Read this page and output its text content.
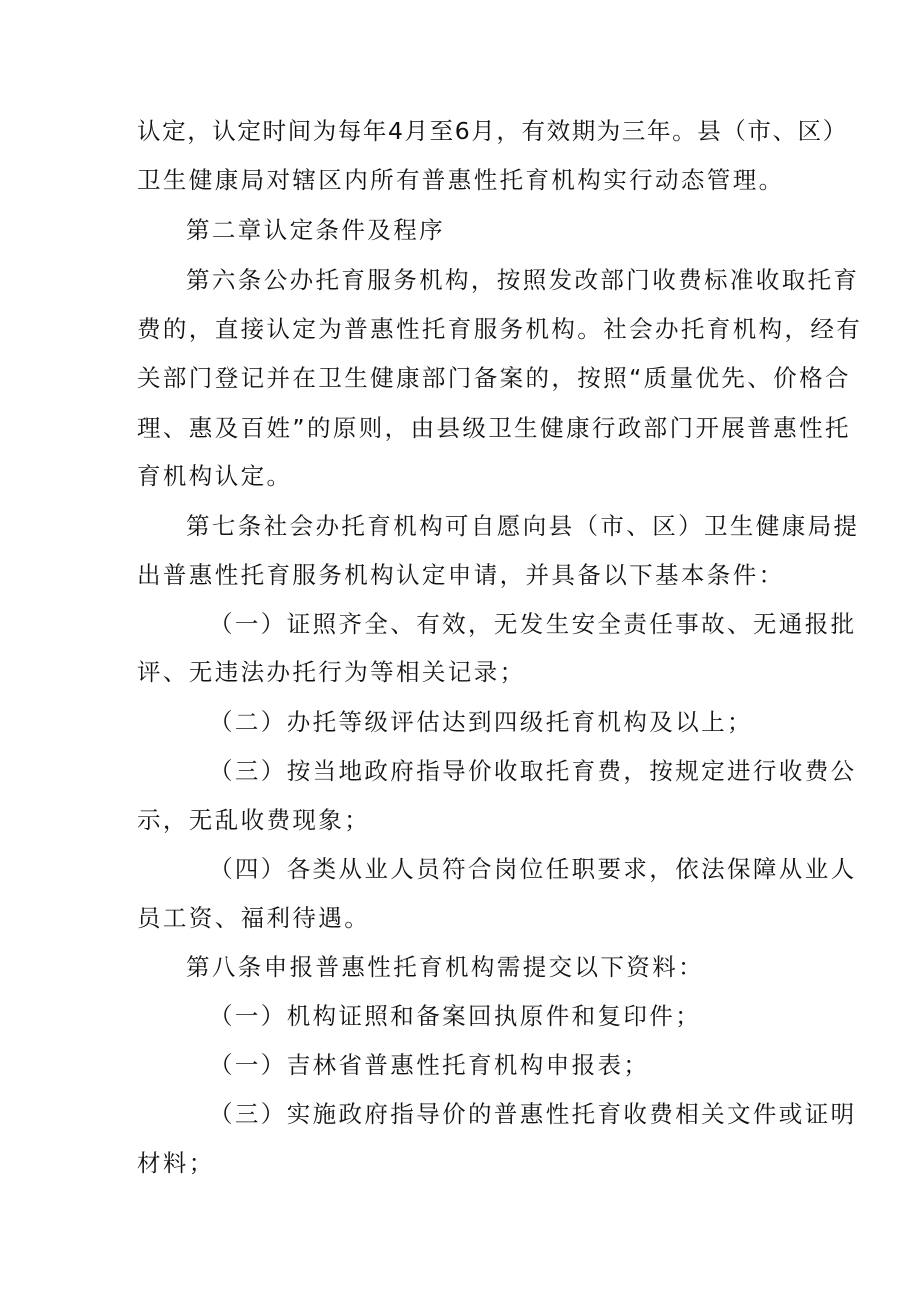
认定，认定时间为每年4月至6月，有效期为三年。县（市、区）

卫生健康局对辖区内所有普惠性托育机构实行动态管理。

第二章认定条件及程序

第六条公办托育服务机构，按照发改部门收费标准收取托育

费的，直接认定为普惠性托育服务机构。社会办托育机构，经有

关部门登记并在卫生健康部门备案的，按照“质量优先、价格合

理、惠及百姓”的原则，由县级卫生健康行政部门开展普惠性托

育机构认定。

第七条社会办托育机构可自愿向县（市、区）卫生健康局提

出普惠性托育服务机构认定申请，并具备以下基本条件：

（一）证照齐全、有效，无发生安全责任事故、无通报批

评、无违法办托行为等相关记录；

（二）办托等级评估达到四级托育机构及以上；

（三）按当地政府指导价收取托育费，按规定进行收费公

示，无乱收费现象；

（四）各类从业人员符合岗位任职要求，依法保障从业人

员工资、福利待遇。

第八条申报普惠性托育机构需提交以下资料：

（一）机构证照和备案回执原件和复印件；

（一）吉林省普惠性托育机构申报表；

（三）实施政府指导价的普惠性托育收费相关文件或证明

材料；
